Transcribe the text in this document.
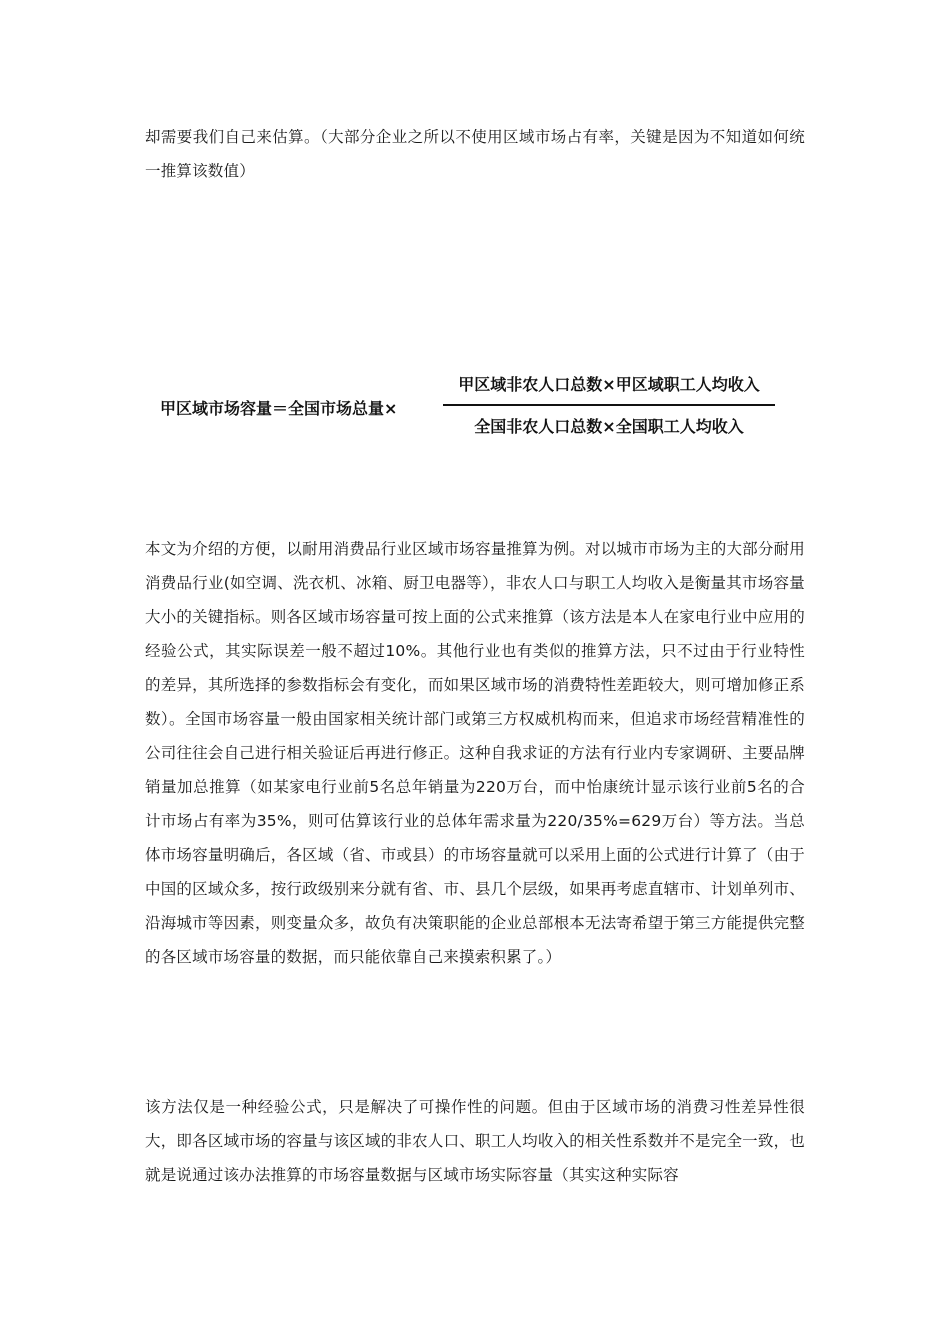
却需要我们自己来估算。（大部分企业之所以不使用区域市场占有率，关键是因为不知道如何统一推算该数值）

甲区域市场容量＝全国市场总量×
甲区域非农人口总数×甲区域职工人均收入
全国非农人口总数×全国职工人均收入

本文为介绍的方便，以耐用消费品行业区域市场容量推算为例。对以城市市场为主的大部分耐用消费品行业(如空调、洗衣机、冰箱、厨卫电器等），非农人口与职工人均收入是衡量其市场容量大小的关键指标。则各区域市场容量可按上面的公式来推算（该方法是本人在家电行业中应用的经验公式，其实际误差一般不超过10%。其他行业也有类似的推算方法，只不过由于行业特性的差异，其所选择的参数指标会有变化，而如果区域市场的消费特性差距较大，则可增加修正系数）。全国市场容量一般由国家相关统计部门或第三方权威机构而来，但追求市场经营精准性的公司往往会自己进行相关验证后再进行修正。这种自我求证的方法有行业内专家调研、主要品牌销量加总推算（如某家电行业前5名总年销量为220万台，而中怡康统计显示该行业前5名的合计市场占有率为35%，则可估算该行业的总体年需求量为220/35%=629万台）等方法。当总体市场容量明确后，各区域（省、市或县）的市场容量就可以采用上面的公式进行计算了（由于中国的区域众多，按行政级别来分就有省、市、县几个层级，如果再考虑直辖市、计划单列市、沿海城市等因素，则变量众多，故负有决策职能的企业总部根本无法寄希望于第三方能提供完整的各区域市场容量的数据，而只能依靠自己来摸索积累了。）

该方法仅是一种经验公式，只是解决了可操作性的问题。但由于区域市场的消费习性差异性很大，即各区域市场的容量与该区域的非农人口、职工人均收入的相关性系数并不是完全一致，也就是说通过该办法推算的市场容量数据与区域市场实际容量（其实这种实际容
